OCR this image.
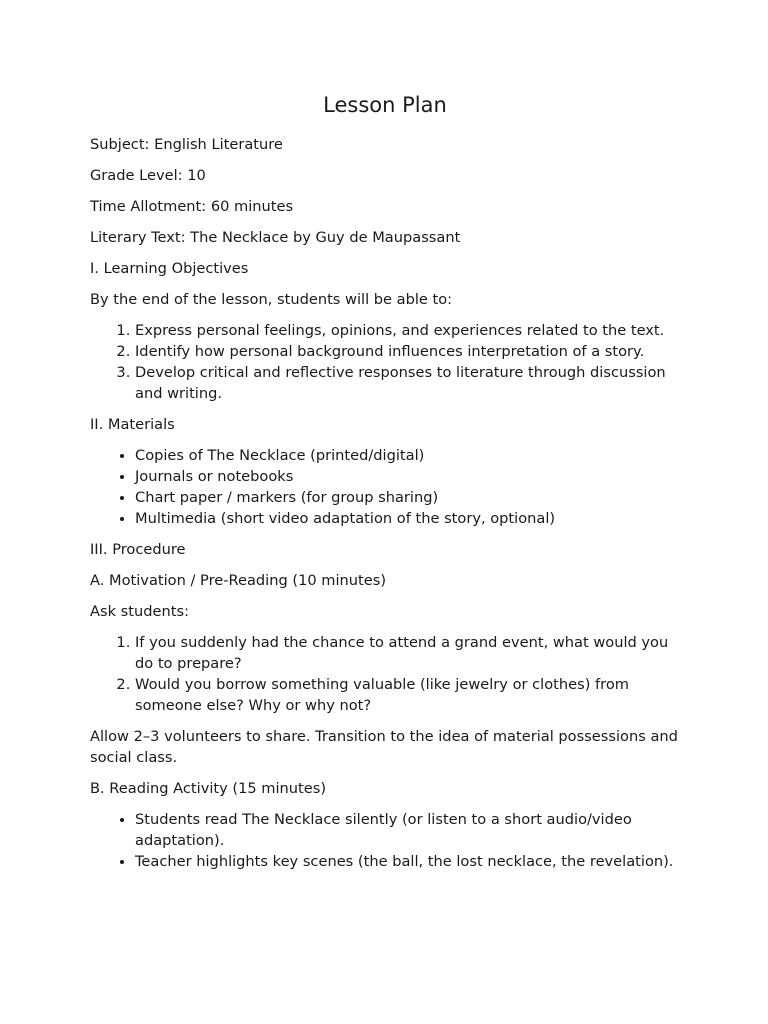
Lesson Plan

Subject: English Literature

Grade Level: 10

Time Allotment: 60 minutes

Literary Text: The Necklace by Guy de Maupassant

I. Learning Objectives

By the end of the lesson, students will be able to:

1. Express personal feelings, opinions, and experiences related to the text.
2. Identify how personal background influences interpretation of a story.
3. Develop critical and reflective responses to literature through discussion and writing.

II. Materials

• Copies of The Necklace (printed/digital)
• Journals or notebooks
• Chart paper / markers (for group sharing)
• Multimedia (short video adaptation of the story, optional)

III. Procedure

A. Motivation / Pre-Reading (10 minutes)

Ask students:

1. If you suddenly had the chance to attend a grand event, what would you do to prepare?
2. Would you borrow something valuable (like jewelry or clothes) from someone else? Why or why not?

Allow 2–3 volunteers to share. Transition to the idea of material possessions and social class.

B. Reading Activity (15 minutes)

• Students read The Necklace silently (or listen to a short audio/video adaptation).
• Teacher highlights key scenes (the ball, the lost necklace, the revelation).
